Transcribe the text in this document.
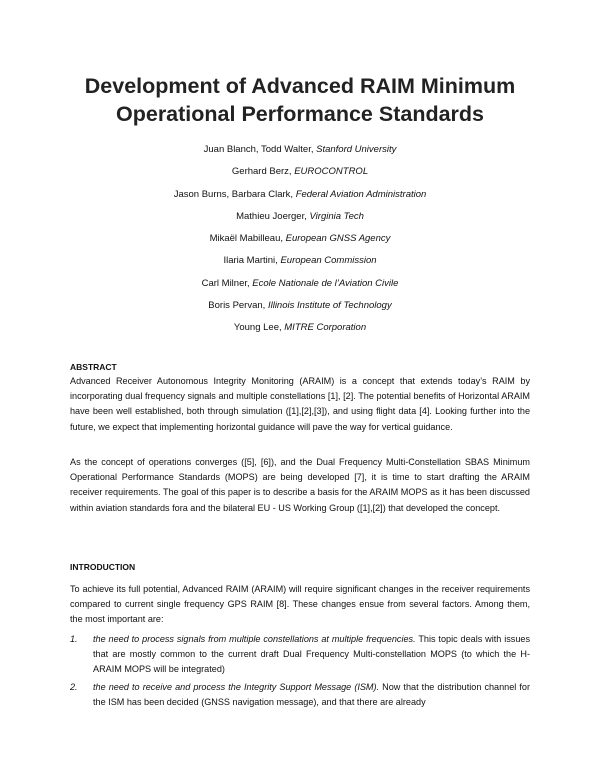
Development of Advanced RAIM Minimum
Operational Performance Standards
Juan Blanch, Todd Walter, Stanford University
Gerhard Berz, EUROCONTROL
Jason Burns, Barbara Clark, Federal Aviation Administration
Mathieu Joerger, Virginia Tech
Mikaël Mabilleau, European GNSS Agency
Ilaria Martini, European Commission
Carl Milner, Ecole Nationale de l’Aviation Civile
Boris Pervan, Illinois Institute of Technology
Young Lee, MITRE Corporation
ABSTRACT

Advanced Receiver Autonomous Integrity Monitoring (ARAIM) is a concept that extends today’s RAIM by incorporating dual frequency signals and multiple constellations [1], [2]. The potential benefits of Horizontal ARAIM have been well established, both through simulation ([1],[2],[3]), and using flight data [4]. Looking further into the future, we expect that implementing horizontal guidance will pave the way for vertical guidance.

As the concept of operations converges ([5], [6]), and the Dual Frequency Multi-Constellation SBAS Minimum Operational Performance Standards (MOPS) are being developed [7], it is time to start drafting the ARAIM receiver requirements. The goal of this paper is to describe a basis for the ARAIM MOPS as it has been discussed within aviation standards fora and the bilateral EU - US Working Group ([1],[2]) that developed the concept.

INTRODUCTION

To achieve its full potential, Advanced RAIM (ARAIM) will require significant changes in the receiver requirements compared to current single frequency GPS RAIM [8]. These changes ensue from several factors. Among them, the most important are:

1. the need to process signals from multiple constellations at multiple frequencies. This topic deals with issues that are mostly common to the current draft Dual Frequency Multi-constellation MOPS (to which the H-ARAIM MOPS will be integrated)
2. the need to receive and process the Integrity Support Message (ISM). Now that the distribution channel for the ISM has been decided (GNSS navigation message), and that there are already
